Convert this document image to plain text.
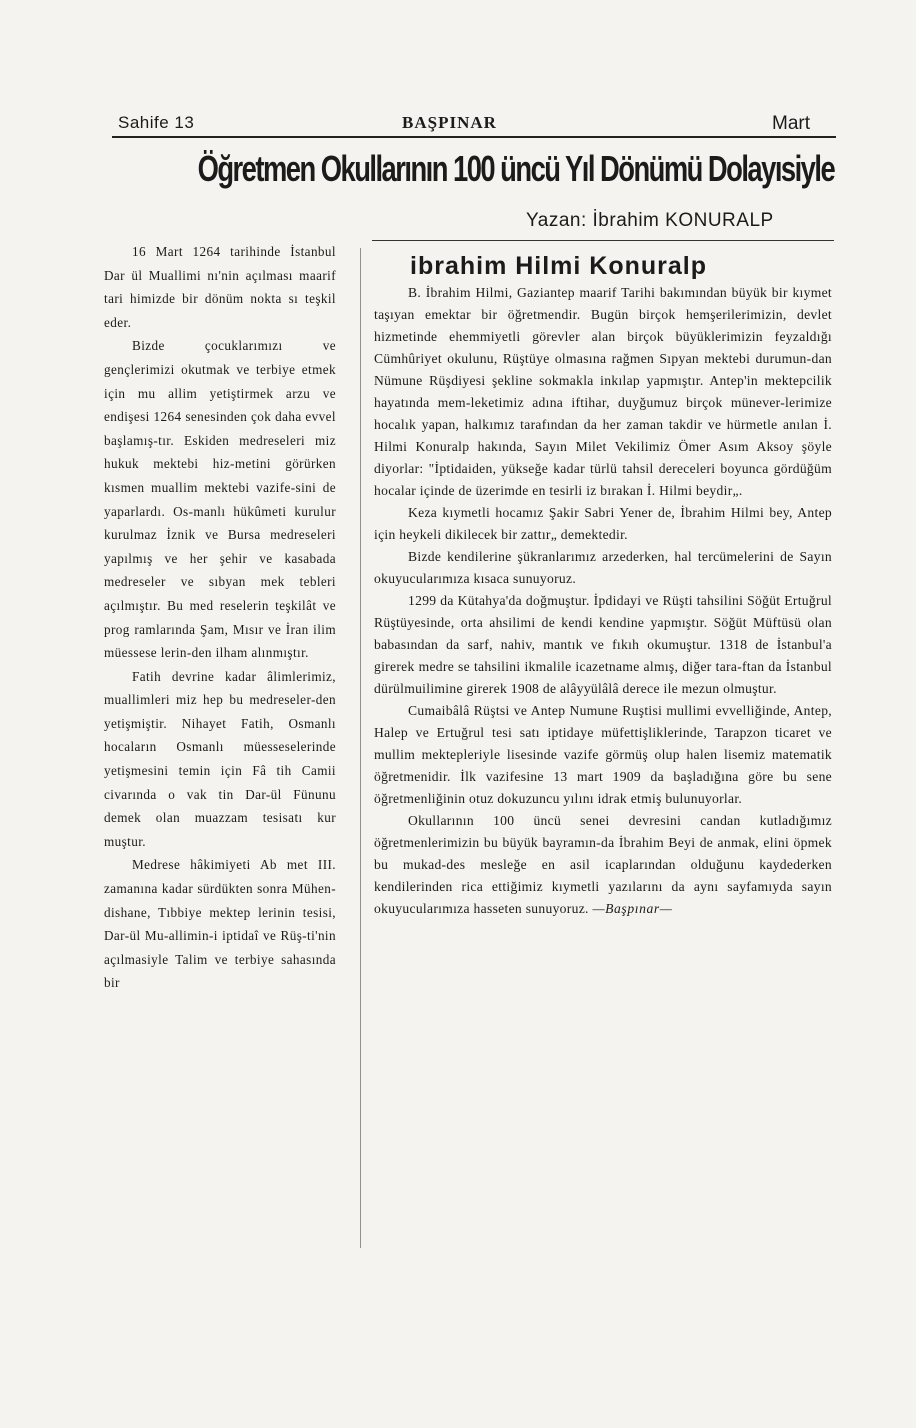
Sahife 13	BAŞPINAR	Mart
Öğretmen Okullarının 100 üncü Yıl Dönümü Dolayısiyle
Yazan: İbrahim KONURALP

16 Mart 1264 tarihinde İstanbul Dar ül Muallimi nı'nin açılması maarif tari himizde bir dönüm nokta sı teşkil eder.

Bizde çocuklarımızı ve gençlerimizi okutmak ve terbiye etmek için mu allim yetiştirmek arzu ve endişesi 1264 senesinden çok daha evvel başlamış-tır. Eskiden medreseleri miz hukuk mektebi hiz-metini görürken kısmen muallim mektebi vazife-sini de yaparlardı. Os-manlı hükûmeti kurulur kurulmaz İznik ve Bursa medreseleri yapılmış ve her şehir ve kasabada medreseler ve sıbyan mek tebleri açılmıştır. Bu med reselerin teşkilât ve prog ramlarında Şam, Mısır ve İran ilim müessese lerin-den ilham alınmıştır.

Fatih devrine kadar âlimlerimiz, muallimleri miz hep bu medreseler-den yetişmiştir. Nihayet Fatih, Osmanlı hocaların Osmanlı müesseselerinde yetişmesini temin için Fâ tih Camii civarında o vak tin Dar-ül Fünunu demek olan muazzam tesisatı kur muştur.

Medrese hâkimiyeti Ab met III. zamanına kadar sürdükten sonra Mühen-dishane, Tıbbiye mektep lerinin tesisi, Dar-ül Mu-allimin-i iptidaî ve Rüş-ti'nin açılmasiyle Talim ve terbiye sahasında bir

ibrahim Hilmi Konuralp

B. İbrahim Hilmi, Gaziantep maarif Tarihi bakımından büyük bir kıymet taşıyan emektar bir öğretmendir. Bugün birçok hemşerilerimizin, devlet hizmetinde ehemmiyetli görevler alan birçok büyüklerimizin feyzaldığı Cümhûriyet okulunu, Rüştüye olmasına rağmen Sıpyan mektebi durumun-dan Nümune Rüşdiyesi şekline sokmakla inkılap yapmıştır. Antep'in mektepcilik hayatında mem-leketimiz adına iftihar, duyğumuz birçok münever-lerimize hocalık yapan, halkımız tarafından da her zaman takdir ve hürmetle anılan İ. Hilmi Konuralp hakında, Sayın Milet Vekilimiz Ömer Asım Aksoy şöyle diyorlar: "İptidaiden, yükseğe kadar türlü tahsil dereceleri boyunca gördüğüm hocalar içinde de üzerimde en tesirli iz bırakan İ. Hilmi beydir„.

Keza kıymetli hocamız Şakir Sabri Yener de, İbrahim Hilmi bey, Antep için heykeli dikilecek bir zattır„ demektedir.

Bizde kendilerine şükranlarımız arzederken, hal tercümelerini de Sayın okuyucularımıza kısaca sunuyoruz.

1299 da Kütahya'da doğmuştur. İpdidayi ve Rüşti tahsilini Söğüt Ertuğrul Rüştüyesinde, orta ahsilimi de kendi kendine yapmıştır. Söğüt Müftüsü olan babasından da sarf, nahiv, mantık ve fıkıh okumuştur. 1318 de İstanbul'a girerek medre se tahsilini ikmalile icazetname almış, diğer tara-ftan da İstanbul dürülmuilimine girerek 1908 de alâyyülâlâ derece ile mezun olmuştur.

Cumaibâlâ Rüştsi ve Antep Numune Ruştisi mullimi evvelliğinde, Antep, Halep ve Ertuğrul tesi satı iptidaye müfettişliklerinde, Tarapzon ticaret ve mullim mektepleriyle lisesinde vazife görmüş olup halen lisemiz matematik öğretmenidir. İlk vazifesine 13 mart 1909 da başladığına göre bu sene öğretmenliğinin otuz dokuzuncu yılını idrak etmiş bulunuyorlar.

Okullarının 100 üncü senei devresini candan kutladığımız öğretmenlerimizin bu büyük bayramın-da İbrahim Beyi de anmak, elini öpmek bu mukad-des mesleğe en asil icaplarından olduğunu kaydederken kendilerinden rica ettiğimiz kıymetli yazılarını da aynı sayfamıyda sayın okuyucularımıza hasseten sunuyoruz. —Başpınar—
